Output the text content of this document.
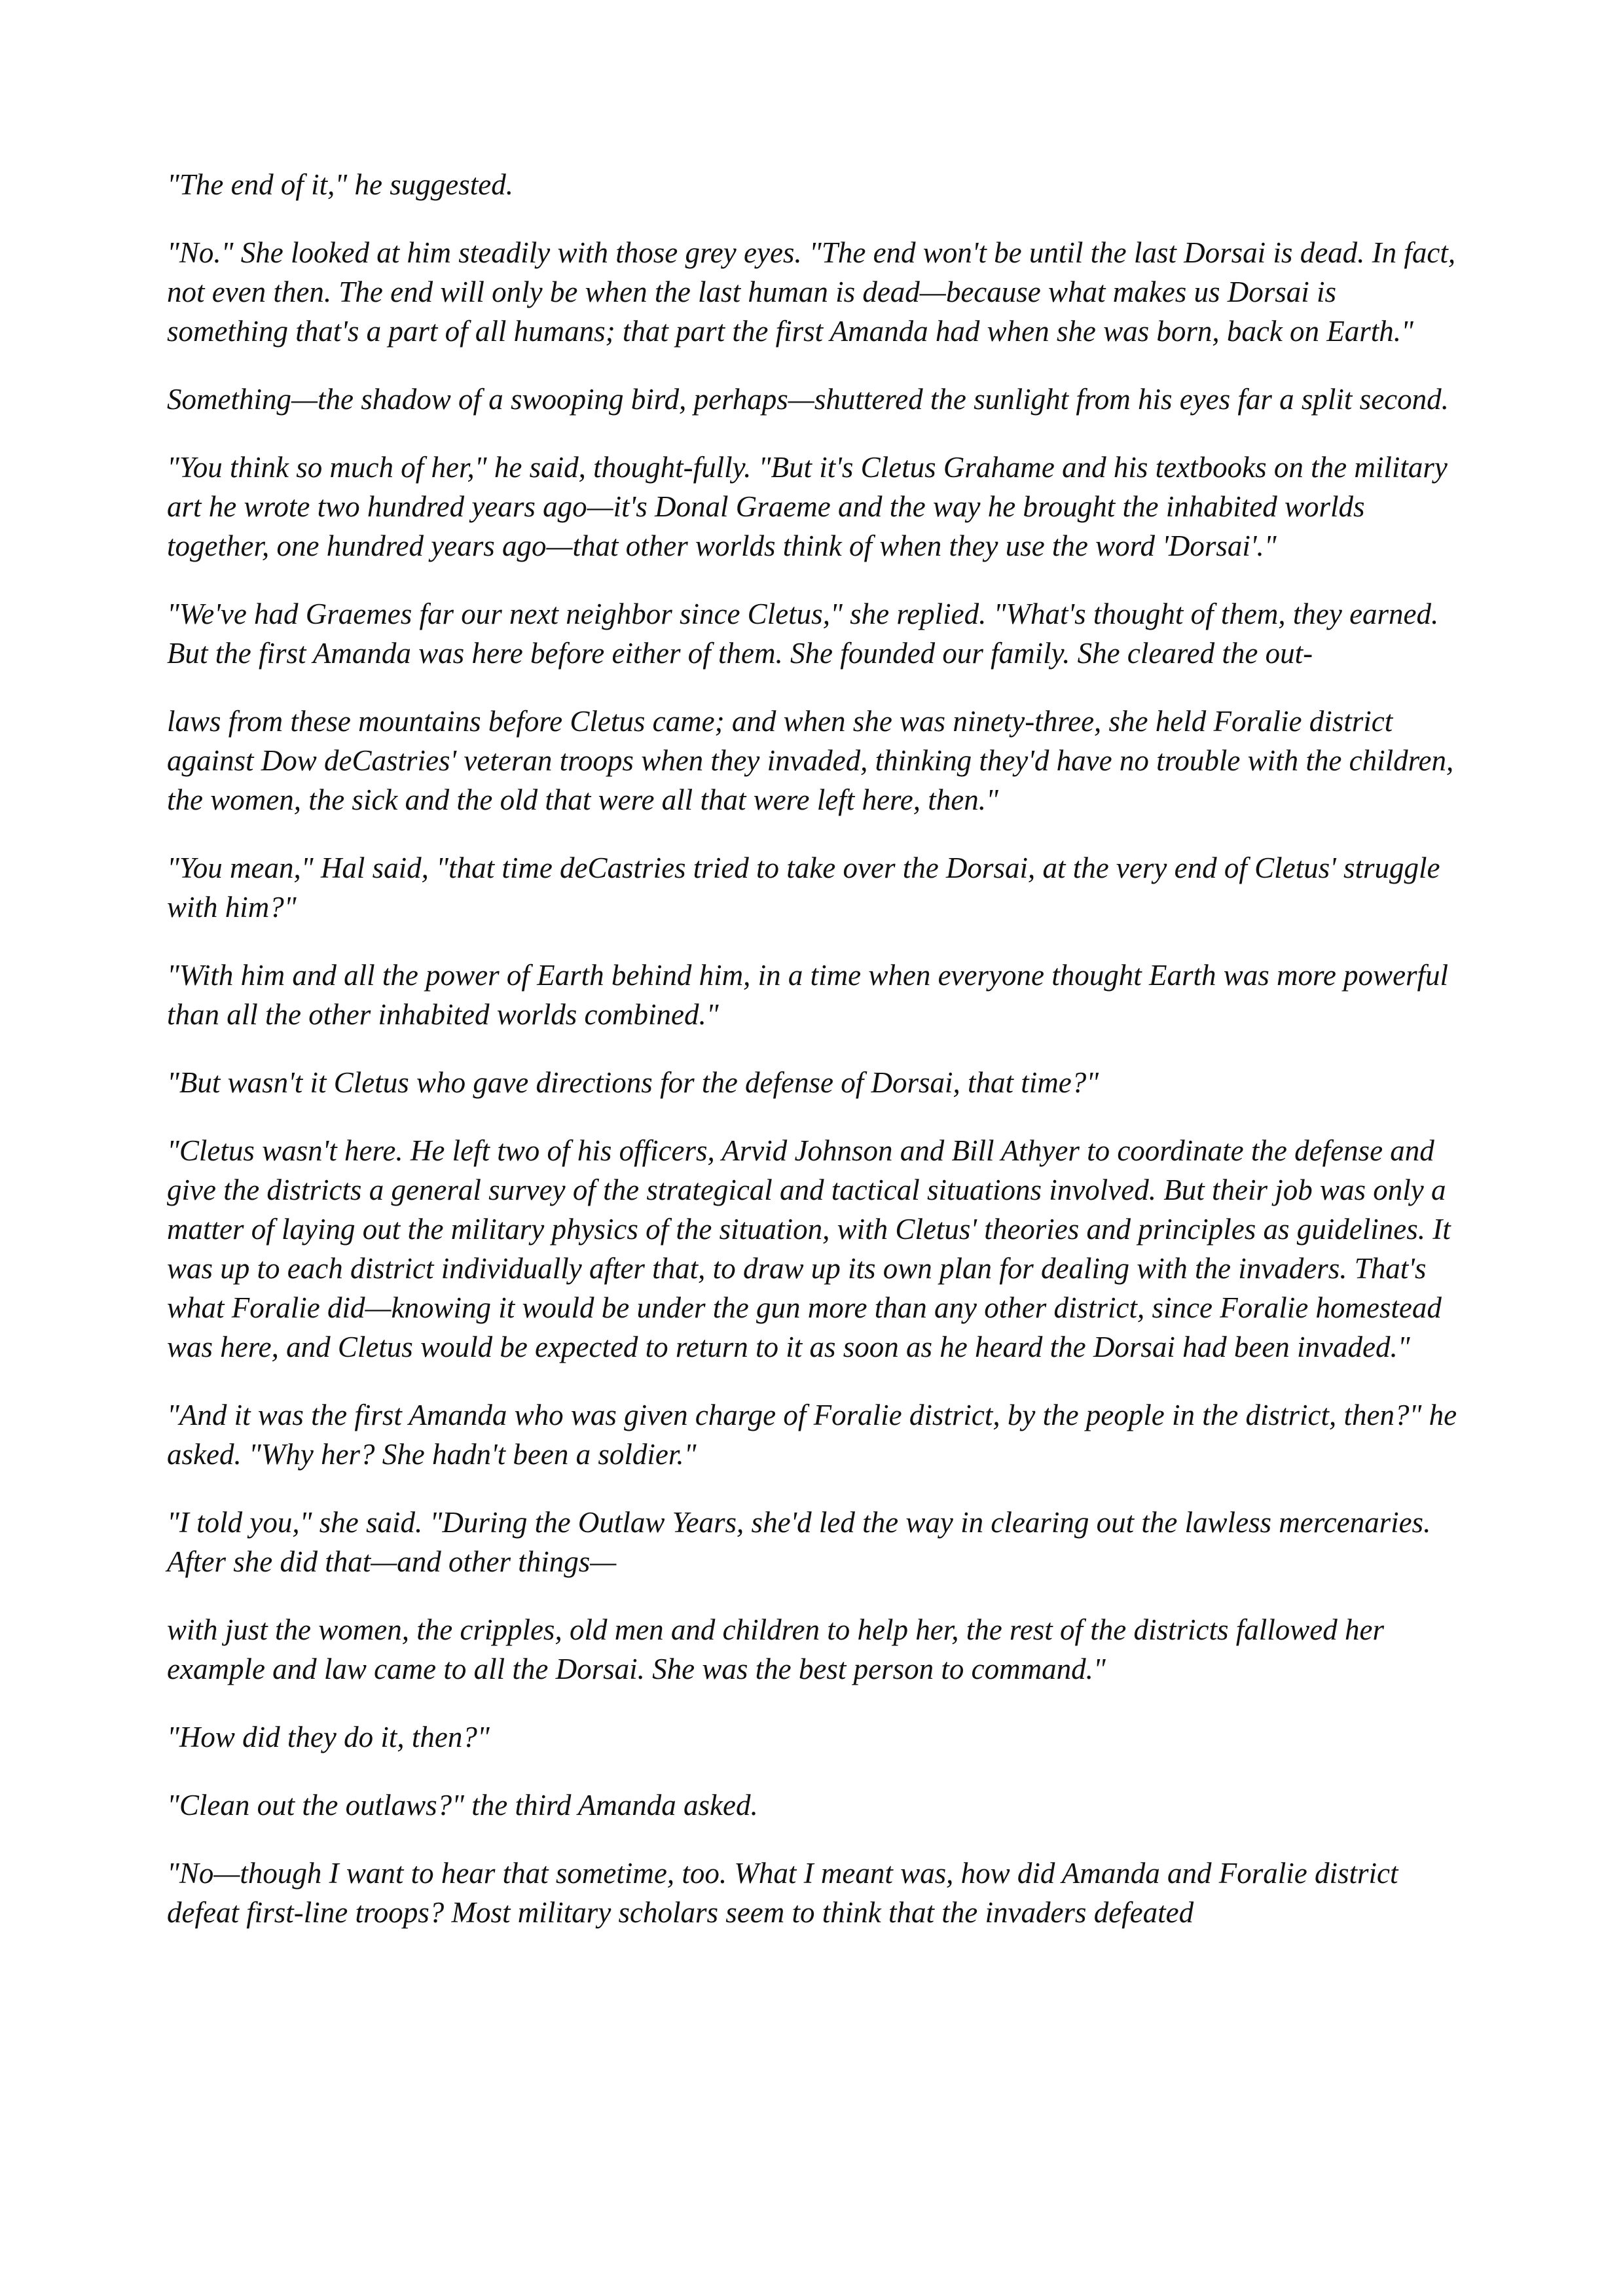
"The end of it," he suggested.

"No." She looked at him steadily with those grey eyes. "The end won't be until the last Dorsai is dead. In fact, not even then. The end will only be when the last human is dead—because what makes us Dorsai is something that's a part of all humans; that part the first Amanda had when she was born, back on Earth."

Something—the shadow of a swooping bird, perhaps—shuttered the sunlight from his eyes far a split second.

"You think so much of her," he said, thought-fully. "But it's Cletus Grahame and his textbooks on the military art he wrote two hundred years ago—it's Donal Graeme and the way he brought the inhabited worlds together, one hundred years ago—that other worlds think of when they use the word 'Dorsai'."

"We've had Graemes far our next neighbor since Cletus," she replied. "What's thought of them, they earned. But the first Amanda was here before either of them. She founded our family. She cleared the out-

laws from these mountains before Cletus came; and when she was ninety-three, she held Foralie district against Dow deCastries' veteran troops when they invaded, thinking they'd have no trouble with the children, the women, the sick and the old that were all that were left here, then."

"You mean," Hal said, "that time deCastries tried to take over the Dorsai, at the very end of Cletus' struggle with him?"

"With him and all the power of Earth behind him, in a time when everyone thought Earth was more powerful than all the other inhabited worlds combined."

"But wasn't it Cletus who gave directions for the defense of Dorsai, that time?"

"Cletus wasn't here. He left two of his officers, Arvid Johnson and Bill Athyer to coordinate the defense and give the districts a general survey of the strategical and tactical situations involved. But their job was only a matter of laying out the military physics of the situation, with Cletus' theories and principles as guidelines. It was up to each district individually after that, to draw up its own plan for dealing with the invaders. That's what Foralie did—knowing it would be under the gun more than any other district, since Foralie homestead was here, and Cletus would be expected to return to it as soon as he heard the Dorsai had been invaded."

"And it was the first Amanda who was given charge of Foralie district, by the people in the district, then?" he asked. "Why her? She hadn't been a soldier."

"I told you," she said. "During the Outlaw Years, she'd led the way in clearing out the lawless mercenaries. After she did that—and other things—

with just the women, the cripples, old men and children to help her, the rest of the districts fallowed her example and law came to all the Dorsai. She was the best person to command."

"How did they do it, then?"

"Clean out the outlaws?" the third Amanda asked.

"No—though I want to hear that sometime, too. What I meant was, how did Amanda and Foralie district defeat first-line troops? Most military scholars seem to think that the invaders defeated
